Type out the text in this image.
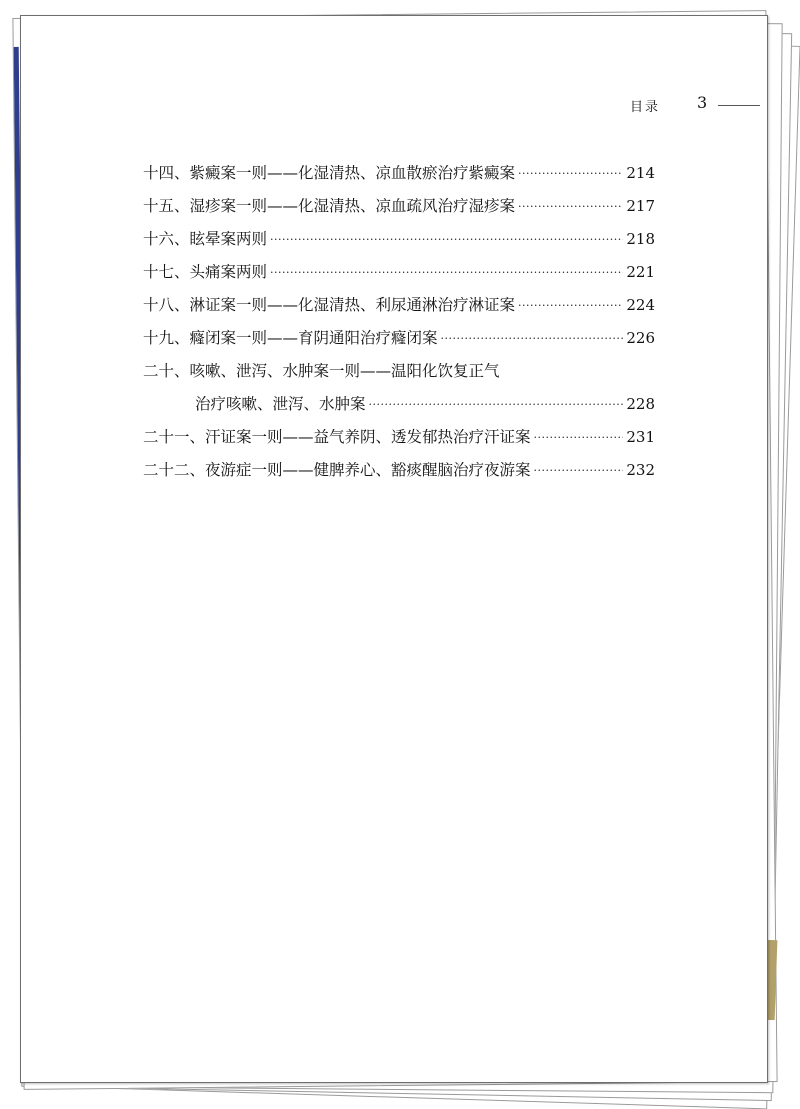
目录 3
十四、 紫癜案一则——化湿清热、凉血散瘀治疗紫癜案 ·····	214
十五、 湿疹案一则——化湿清热、凉血疏风治疗湿疹案 ·····	217
十六、 眩晕案两则 ·····	218
十七、 头痛案两则 ·····	221
十八、 淋证案一则——化湿清热、利尿通淋治疗淋证案 ·····	224
十九、 癃闭案一则——育阴通阳治疗癃闭案 ·····	226
二十、 咳嗽、泄泻、水肿案一则——温阳化饮复正气
治疗咳嗽、泄泻、水肿案 ·····	228
二十一、 汗证案一则——益气养阴、透发郁热治疗汗证案 ·····	231
二十二、 夜游症一则——健脾养心、豁痰醒脑治疗夜游案 ·····	232
